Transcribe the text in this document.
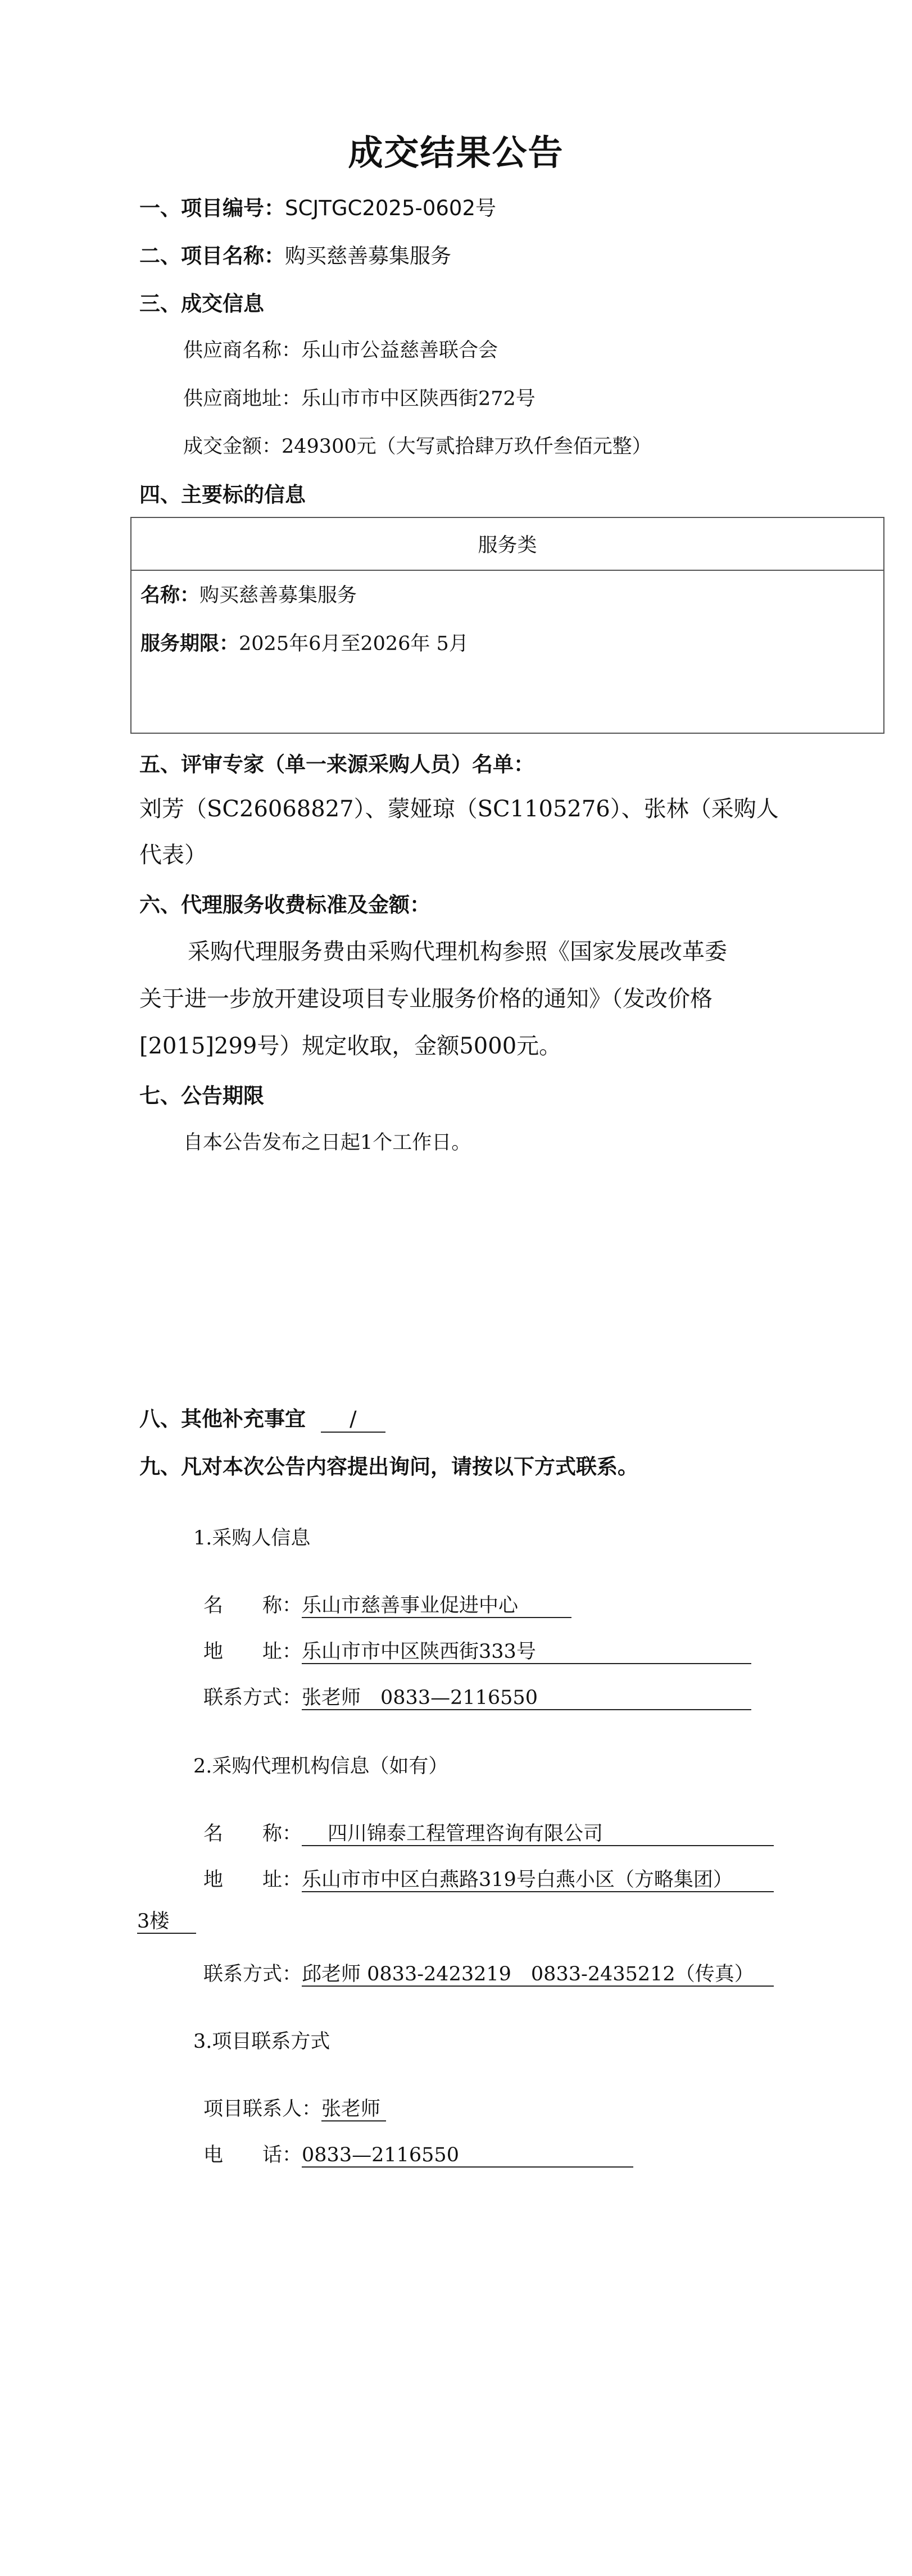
成交结果公告
一、项目编号：SCJTGC2025-0602号
二、项目名称：购买慈善募集服务
三、成交信息
供应商名称：乐山市公益慈善联合会
供应商地址：乐山市市中区陕西街272号
成交金额：249300元（大写贰拾肆万玖仟叁佰元整）
四、主要标的信息
服务类
名称：购买慈善募集服务
服务期限：2025年6月至2026年 5月
五、评审专家（单一来源采购人员）名单：
刘芳（SC26068827）、蒙娅琼（SC1105276）、张林（采购人
代表）
六、代理服务收费标准及金额：
采购代理服务费由采购代理机构参照《国家发展改革委
关于进一步放开建设项目专业服务价格的通知》（发改价格
[2015]299号）规定收取，金额5000元。
七、公告期限
自本公告发布之日起1个工作日。
八、其他补充事宜 /
九、凡对本次公告内容提出询问，请按以下方式联系。
1.采购人信息
名　　称：乐山市慈善事业促进中心
地　　址：乐山市市中区陕西街333号
联系方式：张老师　0833—2116550
2.采购代理机构信息（如有）
名　　称： 四川锦泰工程管理咨询有限公司
地　　址：乐山市市中区白燕路319号白燕小区（方略集团）
3楼
联系方式：邱老师 0833-2423219　0833-2435212（传真）
3.项目联系方式
项目联系人：张老师
电　　话：0833—2116550
